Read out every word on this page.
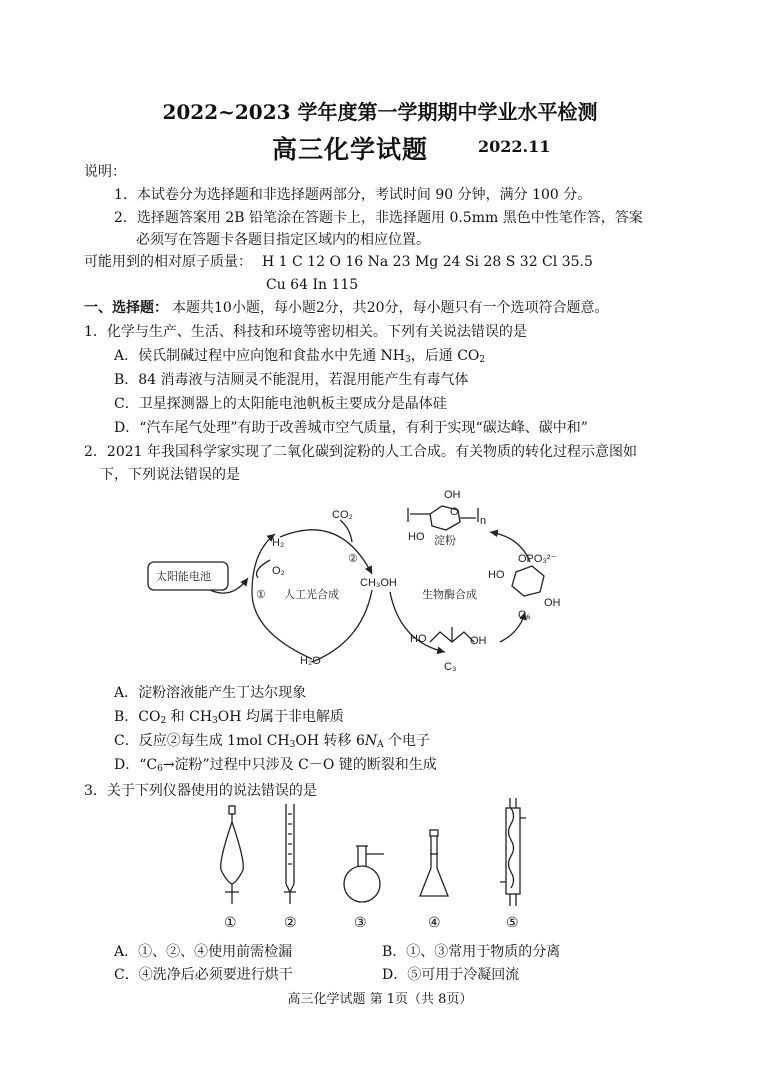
2022~2023 学年度第一学期期中学业水平检测
高三化学试题	2022.11
说明：
1．本试卷分为选择题和非选择题两部分，考试时间 90 分钟，满分 100 分。
2．选择题答案用 2B 铅笔涂在答题卡上，非选择题用 0.5mm 黑色中性笔作答，答案
必须写在答题卡各题目指定区域内的相应位置。
可能用到的相对原子质量： H 1 C 12 O 16 Na 23 Mg 24 Si 28 S 32 Cl 35.5
Cu 64 In 115
一、选择题： 本题共10小题，每小题2分，共20分，每小题只有一个选项符合题意。
1．化学与生产、生活、科技和环境等密切相关。下列有关说法错误的是
A．侯氏制碱过程中应向饱和食盐水中先通 $NH_3$，后通 $CO_2$
B．84 消毒液与洁厕灵不能混用，若混用能产生有毒气体
C．卫星探测器上的太阳能电池帆板主要成分是晶体硅
D．“汽车尾气处理”有助于改善城市空气质量，有利于实现“碳达峰、碳中和”
2．2021 年我国科学家实现了二氧化碳到淀粉的人工合成。有关物质的转化过程示意图如
下，下列说法错误的是
太阳能电池
H₂
O₂
H₂O
CO₂
②
① 人工光合成
CH₃OH
生物酶合成
淀粉
OH
HO
n
O
OPO₃²⁻
HO
OH
C₆
HO	OH
C₃
A．淀粉溶液能产生丁达尔现象
B．$CO_2$ 和 $CH_3OH$ 均属于非电解质
C．反应②每生成 1mol $CH_3OH$ 转移 $6N_A$ 个电子
D．“$C_6\to$淀粉”过程中只涉及 C－O 键的断裂和生成
3．关于下列仪器使用的说法错误的是
①	②	③	④	⑤
A．①、②、④使用前需检漏	B．①、③常用于物质的分离
C．④洗净后必须要进行烘干	D．⑤可用于冷凝回流
高三化学试题 第 1页（共 8页）
